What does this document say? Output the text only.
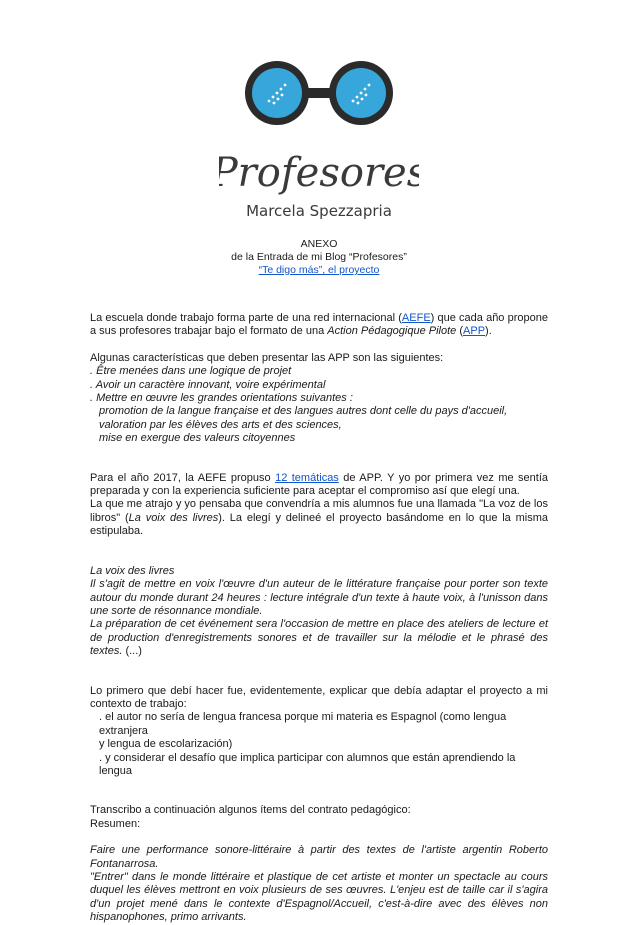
Profesores
Marcela Spezzapria
ANEXO
de la Entrada de mi Blog “Profesores”
“Te digo más”, el proyecto

La escuela donde trabajo forma parte de una red internacional (AEFE) que cada año propone a sus profesores trabajar bajo el formato de una Action Pédagogique Pilote (APP).

Algunas características que deben presentar las APP son las siguientes:

. Être menées dans une logique de projet

. Avoir un caractère innovant, voire expérimental

. Mettre en œuvre les grandes orientations suivantes :

promotion de la langue française et des langues autres dont celle du pays d'accueil,

valoration par les élèves des arts et des sciences,

mise en exergue des valeurs citoyennes

Para el año 2017, la AEFE propuso 12 temáticas de APP. Y yo por primera vez me sentía preparada y con la experiencia suficiente para aceptar el compromiso así que elegí una.

La que me atrajo y yo pensaba que convendría a mis alumnos fue una llamada "La voz de los libros" (La voix des livres). La elegí y delineé el proyecto basándome en lo que la misma estipulaba.

La voix des livres

Il s'agit de mettre en voix l'œuvre d'un auteur de le littérature française pour porter son texte autour du monde durant 24 heures : lecture intégrale d'un texte à haute voix, à l'unisson dans une sorte de résonnance mondiale.

La préparation de cet événement sera l'occasion de mettre en place des ateliers de lecture et de production d'enregistrements sonores et de travailler sur la mélodie et le phrasé des textes. (...)

Lo primero que debí hacer fue, evidentemente, explicar que debía adaptar el proyecto a mi contexto de trabajo:

. el autor no sería de lengua francesa porque mi materia es Espagnol (como lengua extranjera

y lengua de escolarización)

. y considerar el desafío que implica participar con alumnos que están aprendiendo la lengua

Transcribo a continuación algunos ítems del contrato pedagógico:

Resumen:

Faire une performance sonore-littéraire à partir des textes de l'artiste argentin Roberto Fontanarrosa.

"Entrer" dans le monde littéraire et plastique de cet artiste et monter un spectacle au cours duquel les élèves mettront en voix plusieurs de ses œuvres. L'enjeu est de taille car il s'agira d'un projet mené dans le contexte d'Espagnol/Accueil, c'est-à-dire avec des élèves non hispanophones, primo arrivants.
